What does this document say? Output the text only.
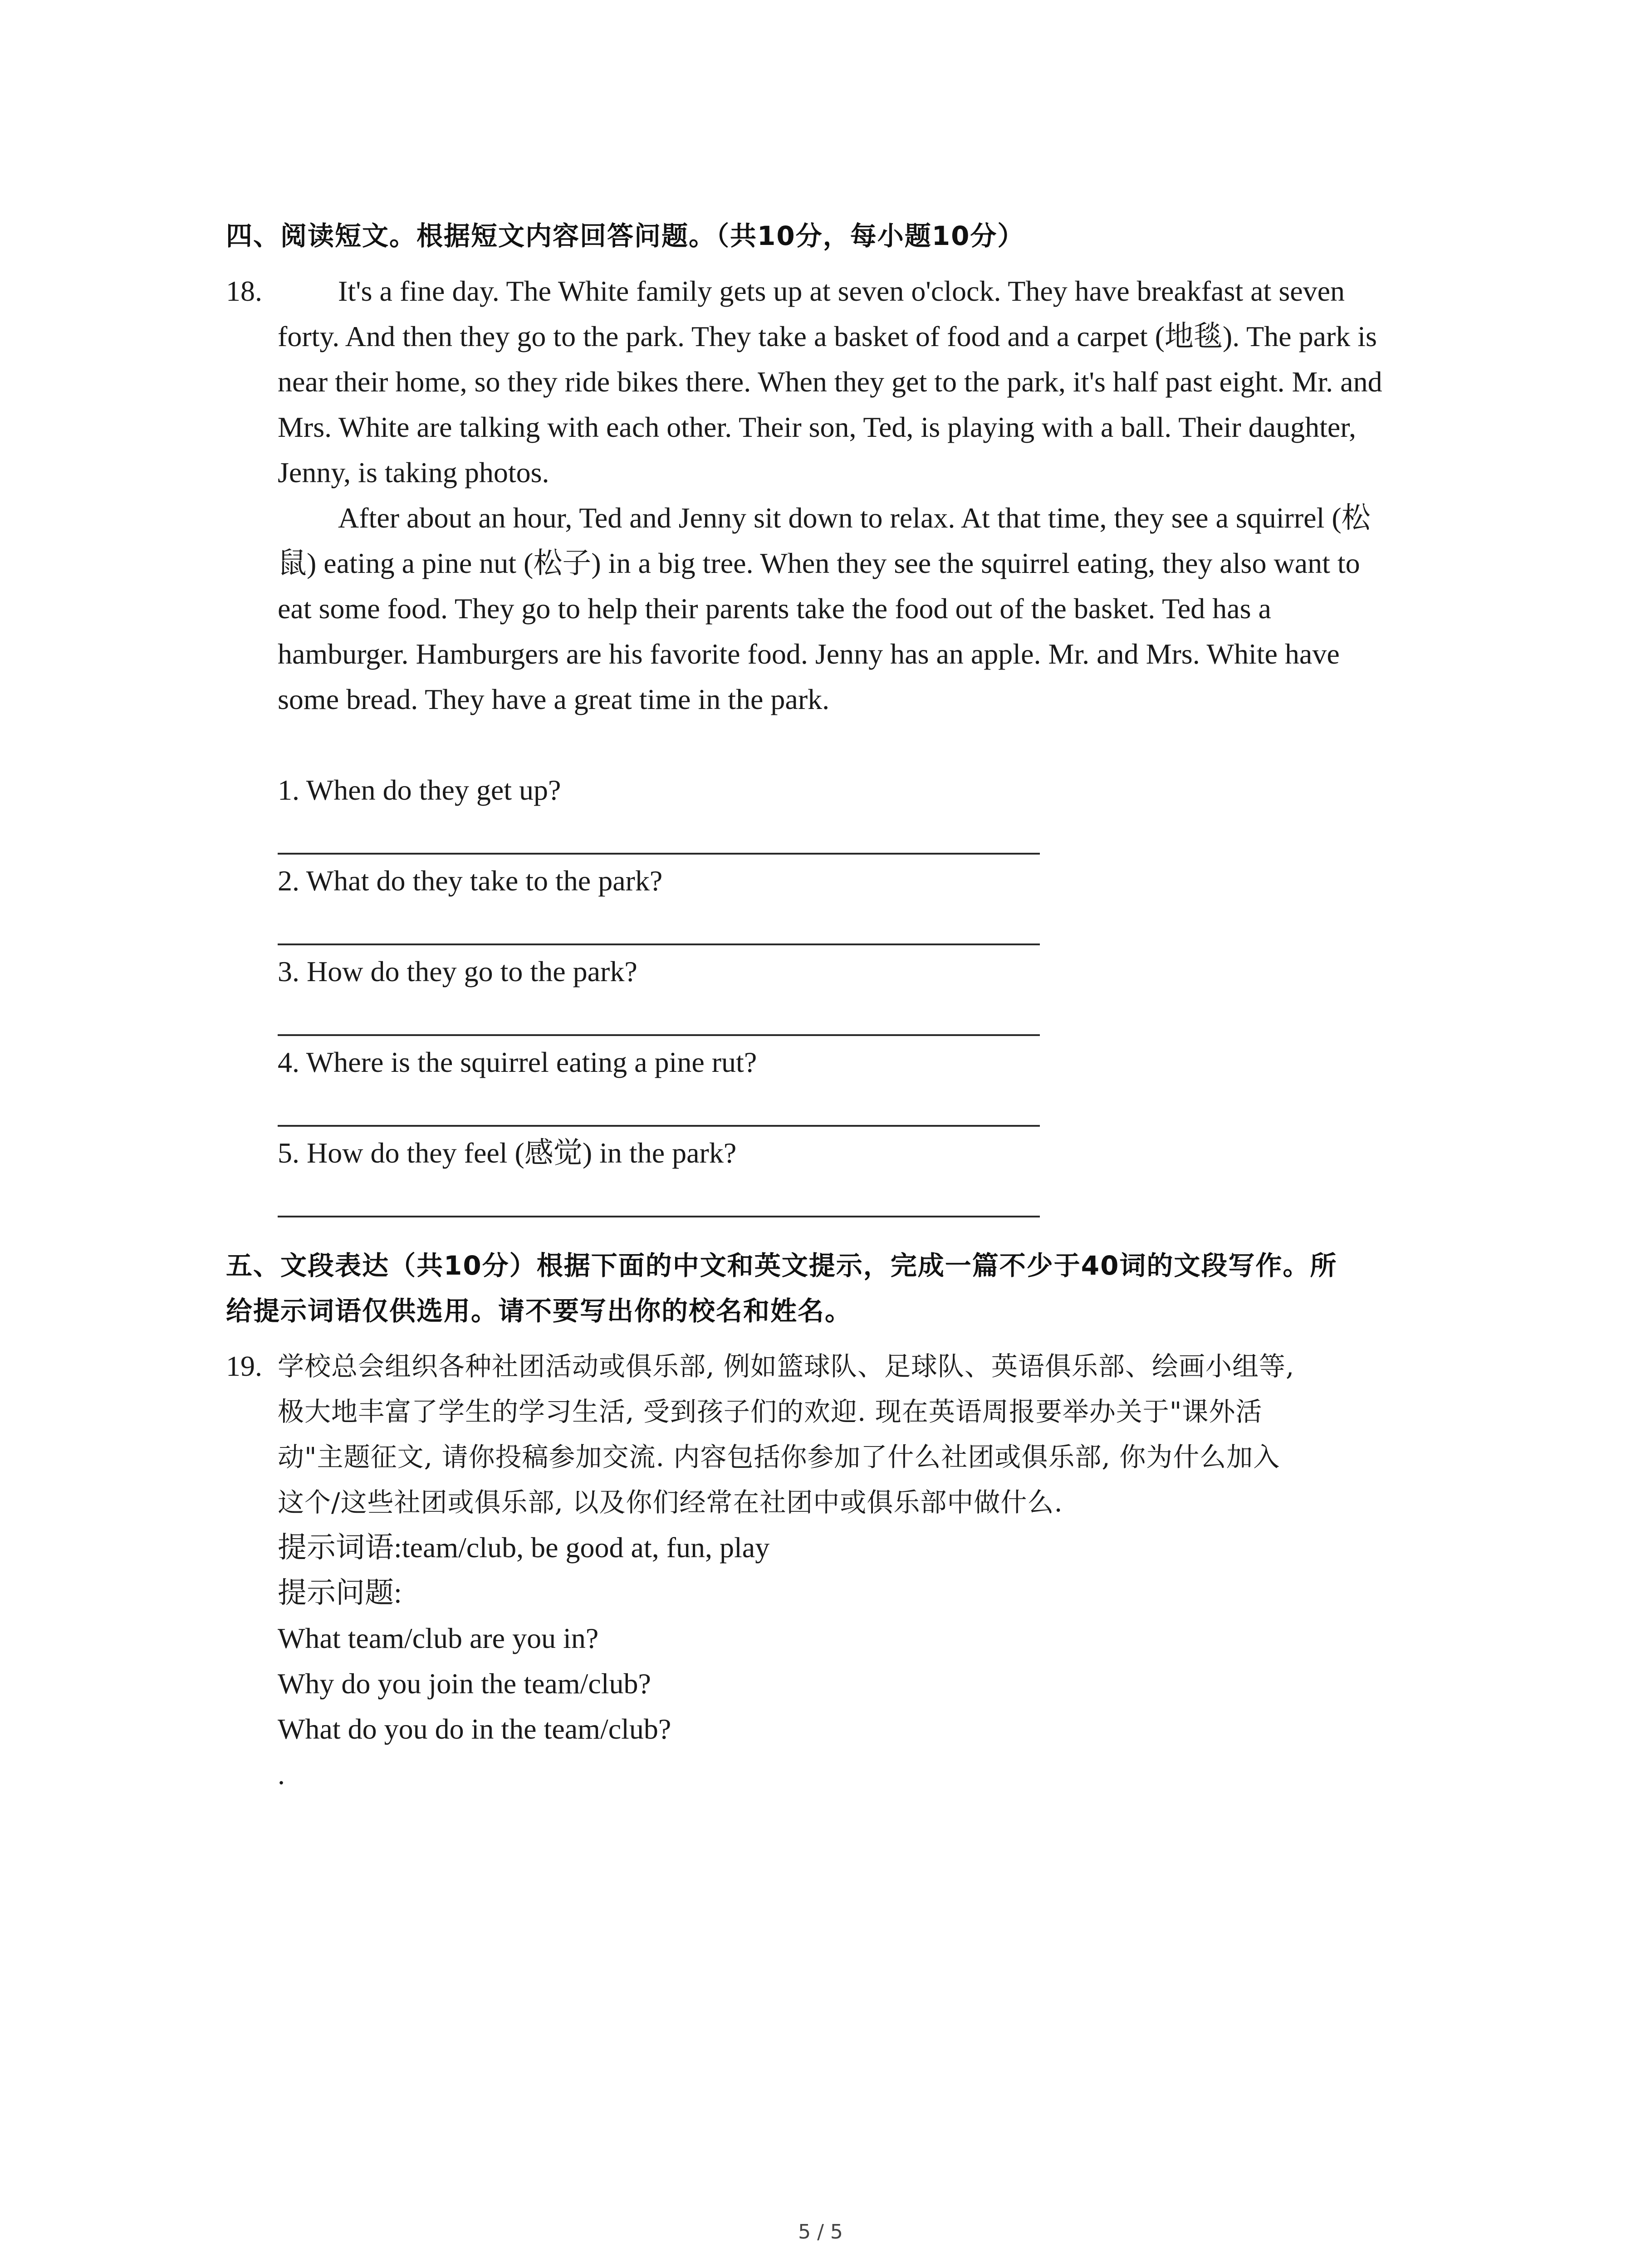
四、阅读短文。根据短文内容回答问题。（共10分，每小题10分）
18.	It's a fine day. The White family gets up at seven o'clock. They have breakfast at seven
forty. And then they go to the park. They take a basket of food and a carpet (地毯). The park is
near their home, so they ride bikes there. When they get to the park, it's half past eight. Mr. and
Mrs. White are talking with each other. Their son, Ted, is playing with a ball. Their daughter,
Jenny, is taking photos.
After about an hour, Ted and Jenny sit down to relax. At that time, they see a squirrel (松
鼠) eating a pine nut (松子) in a big tree. When they see the squirrel eating, they also want to
eat some food. They go to help their parents take the food out of the basket. Ted has a
hamburger. Hamburgers are his favorite food. Jenny has an apple. Mr. and Mrs. White have
some bread. They have a great time in the park.
1. When do they get up?
2. What do they take to the park?
3. How do they go to the park?
4. Where is the squirrel eating a pine rut?
5. How do they feel (感觉) in the park?
五、文段表达（共10分）根据下面的中文和英文提示，完成一篇不少于40词的文段写作。所
给提示词语仅供选用。请不要写出你的校名和姓名。
19. 学校总会组织各种社团活动或俱乐部, 例如篮球队、足球队、英语俱乐部、绘画小组等,
极大地丰富了学生的学习生活, 受到孩子们的欢迎. 现在英语周报要举办关于"课外活
动"主题征文, 请你投稿参加交流. 内容包括你参加了什么社团或俱乐部, 你为什么加入
这个/这些社团或俱乐部, 以及你们经常在社团中或俱乐部中做什么.
提示词语:team/club, be good at, fun, play
提示问题:
What team/club are you in?
Why do you join the team/club?
What do you do in the team/club?
.
5 / 5
